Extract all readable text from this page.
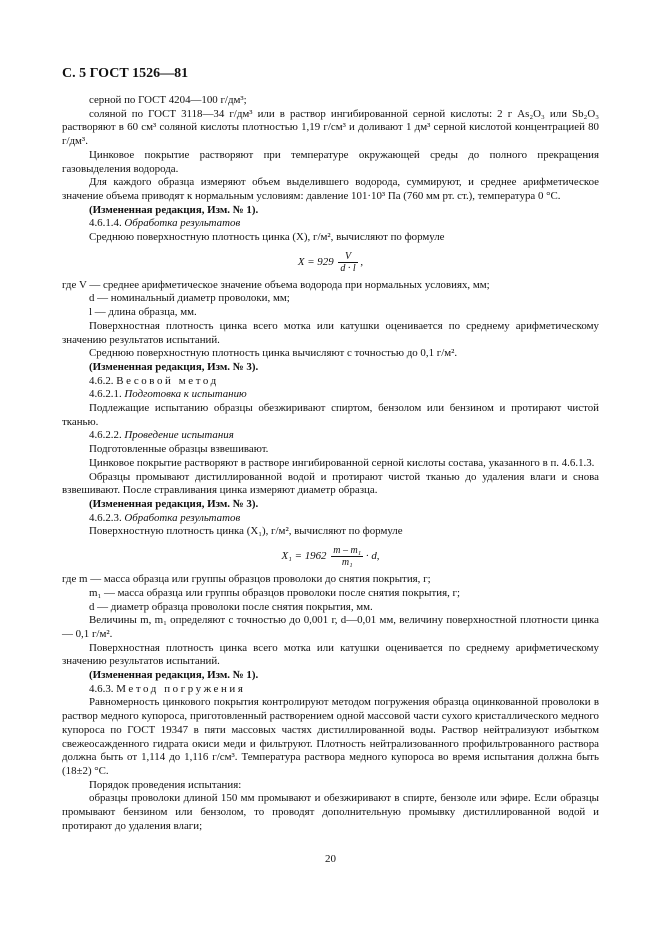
С. 5 ГОСТ 1526—81

серной по ГОСТ 4204—100 г/дм³;

соляной по ГОСТ 3118—34 г/дм³ или в раствор ингибированной серной кислоты: 2 г As₂O₃ или Sb₂O₃ растворяют в 60 см³ соляной кислоты плотностью 1,19 г/см³ и доливают 1 дм³ серной кислотой концентрацией 80 г/дм³.

Цинковое покрытие растворяют при температуре окружающей среды до полного прекращения газовыделения водорода.

Для каждого образца измеряют объем выделившего водорода, суммируют, и среднее арифметическое значение объема приводят к нормальным условиям: давление 101·10³ Па (760 мм рт. ст.), температура 0 °С.

(Измененная редакция, Изм. № 1).

4.6.1.4. Обработка результатов

Среднюю поверхностную плотность цинка (X), г/м², вычисляют по формуле

$X = 929 \frac{V}{d \cdot l}$ ,

где V — среднее арифметическое значение объема водорода при нормальных условиях, мм;

d — номинальный диаметр проволоки, мм;

l — длина образца, мм.

Поверхностная плотность цинка всего мотка или катушки оценивается по среднему арифметическому значению результатов испытаний.

Среднюю поверхностную плотность цинка вычисляют с точностью до 0,1 г/м².

(Измененная редакция, Изм. № 3).

4.6.2. Весовой метод

4.6.2.1. Подготовка к испытанию

Подлежащие испытанию образцы обезжиривают спиртом, бензолом или бензином и протирают чистой тканью.

4.6.2.2. Проведение испытания

Подготовленные образцы взвешивают.

Цинковое покрытие растворяют в растворе ингибированной серной кислоты состава, указанного в п. 4.6.1.3.

Образцы промывают дистиллированной водой и протирают чистой тканью до удаления влаги и снова взвешивают. После стравливания цинка измеряют диаметр образца.

(Измененная редакция, Изм. № 3).

4.6.2.3. Обработка результатов

Поверхностную плотность цинка (X₁), г/м², вычисляют по формуле

$X_1 = 1962 \frac{\text{m – m₁}}{\text{m₁}} \cdot d$,

где m — масса образца или группы образцов проволоки до снятия покрытия, г;

m₁ — масса образца или группы образцов проволоки после снятия покрытия, г;

d — диаметр образца проволоки после снятия покрытия, мм.

Величины m, m₁ определяют с точностью до 0,001 г, d—0,01 мм, величину поверхностной плотности цинка — 0,1 г/м².

Поверхностная плотность цинка всего мотка или катушки оценивается по среднему арифметическому значению результатов испытаний.

(Измененная редакция, Изм. № 1).

4.6.3. Метод погружения

Равномерность цинкового покрытия контролируют методом погружения образца оцинкованной проволоки в раствор медного купороса, приготовленный растворением одной массовой части сухого кристаллического медного купороса по ГОСТ 19347 в пяти массовых частях дистиллированной воды. Раствор нейтрализуют избытком свежеосажденного гидрата окиси меди и фильтруют. Плотность нейтрализованного профильтрованного раствора должна быть от 1,114 до 1,116 г/см³. Температура раствора медного купороса во время испытания должна быть (18±2) °С.

Порядок проведения испытания:

образцы проволоки длиной 150 мм промывают и обезжиривают в спирте, бензоле или эфире. Если образцы промывают бензином или бензолом, то проводят дополнительную промывку дистиллированной водой и протирают до удаления влаги;

20
